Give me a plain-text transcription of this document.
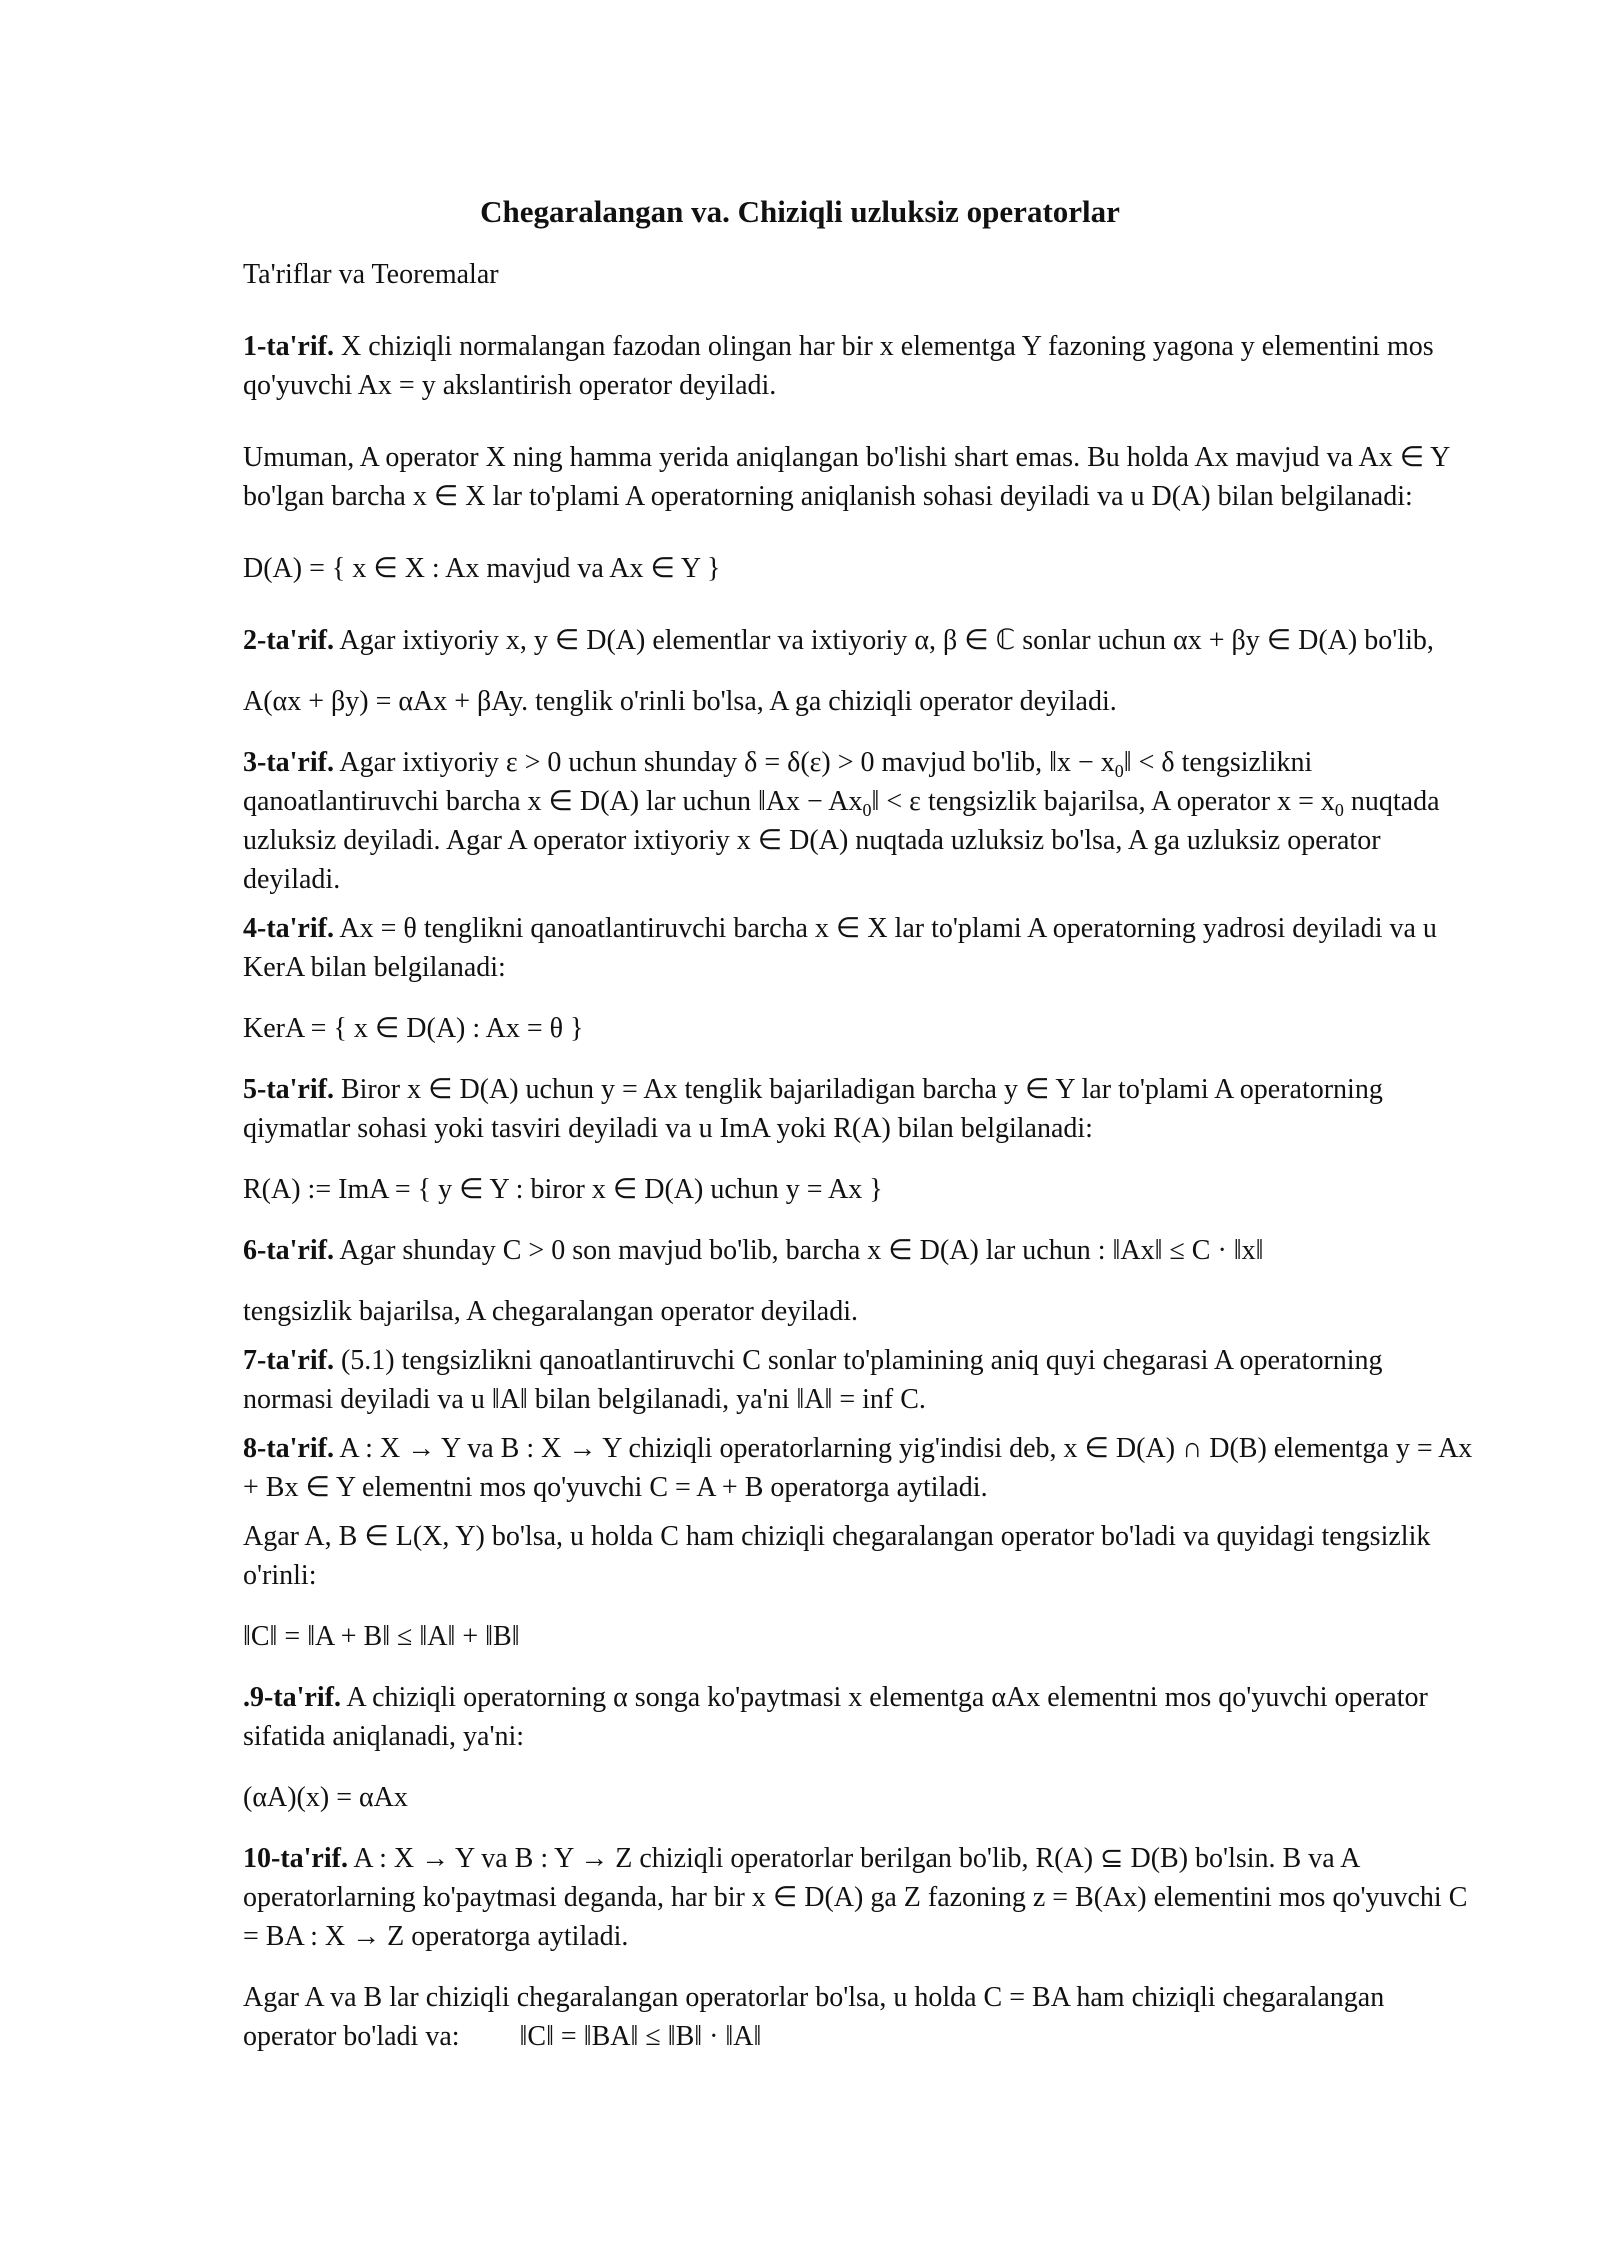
Chegaralangan va. Chiziqli uzluksiz operatorlar

Ta'riflar va Teoremalar

1-ta'rif. X chiziqli normalangan fazodan olingan har bir x elementga Y fazoning yagona y elementini mos qo'yuvchi Ax = y akslantirish operator deyiladi.

Umuman, A operator X ning hamma yerida aniqlangan bo'lishi shart emas. Bu holda Ax mavjud va Ax ∈ Y bo'lgan barcha x ∈ X lar to'plami A operatorning aniqlanish sohasi deyiladi va u D(A) bilan belgilanadi:

D(A) = { x ∈ X : Ax mavjud va Ax ∈ Y }

2-ta'rif. Agar ixtiyoriy x, y ∈ D(A) elementlar va ixtiyoriy α, β ∈ ℂ sonlar uchun αx + βy ∈ D(A) bo'lib,

A(αx + βy) = αAx + βAy. tenglik o'rinli bo'lsa, A ga chiziqli operator deyiladi.

3-ta'rif. Agar ixtiyoriy ε > 0 uchun shunday δ = δ(ε) > 0 mavjud bo'lib, ‖x − $x_0‖ < \delta$ tengsizlikni qanoatlantiruvchi barcha x ∈ D(A) lar uchun ‖Ax − $Ax_0‖ < \varepsilon$ tengsizlik bajarilsa, A operator $x = x_0$ nuqtada uzluksiz deyiladi. Agar A operator ixtiyoriy x ∈ D(A) nuqtada uzluksiz bo'lsa, A ga uzluksiz operator deyiladi.

4-ta'rif. Ax = θ tenglikni qanoatlantiruvchi barcha x ∈ X lar to'plami A operatorning yadrosi deyiladi va u KerA bilan belgilanadi:

KerA = { x ∈ D(A) : Ax = θ }

5-ta'rif. Biror x ∈ D(A) uchun y = Ax tenglik bajariladigan barcha y ∈ Y lar to'plami A operatorning qiymatlar sohasi yoki tasviri deyiladi va u ImA yoki R(A) bilan belgilanadi:

R(A) := ImA = { y ∈ Y : biror x ∈ D(A) uchun y = Ax }

6-ta'rif. Agar shunday C > 0 son mavjud bo'lib, barcha x ∈ D(A) lar uchun : ‖Ax‖ ≤ C · ‖x‖

tengsizlik bajarilsa, A chegaralangan operator deyiladi.

7-ta'rif. (5.1) tengsizlikni qanoatlantiruvchi C sonlar to'plamining aniq quyi chegarasi A operatorning normasi deyiladi va u ‖A‖ bilan belgilanadi, ya'ni ‖A‖ = inf C.

8-ta'rif. A : X → Y va B : X → Y chiziqli operatorlarning yig'indisi deb, x ∈ D(A) ∩ D(B) elementga y = Ax + Bx ∈ Y elementni mos qo'yuvchi C = A + B operatorga aytiladi.

Agar A, B ∈ L(X, Y) bo'lsa, u holda C ham chiziqli chegaralangan operator bo'ladi va quyidagi tengsizlik o'rinli:

‖C‖ = ‖A + B‖ ≤ ‖A‖ + ‖B‖

.9-ta'rif. A chiziqli operatorning α songa ko'paytmasi x elementga αAx elementni mos qo'yuvchi operator sifatida aniqlanadi, ya'ni:

(αA)(x) = αAx

10-ta'rif. A : X → Y va B : Y → Z chiziqli operatorlar berilgan bo'lib, R(A) ⊆ D(B) bo'lsin. B va A operatorlarning ko'paytmasi deganda, har bir x ∈ D(A) ga Z fazoning z = B(Ax) elementini mos qo'yuvchi C = BA : X → Z operatorga aytiladi.

Agar A va B lar chiziqli chegaralangan operatorlar bo'lsa, u holda C = BA ham chiziqli chegaralangan operator bo'ladi va: ‖C‖ = ‖BA‖ ≤ ‖B‖ · ‖A‖
